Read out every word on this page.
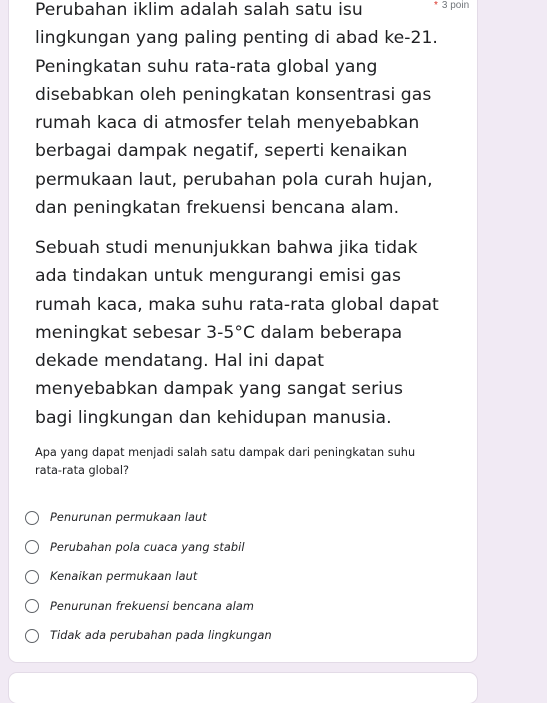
* 3 poin

Perubahan iklim adalah salah satu isu lingkungan yang paling penting di abad ke-21. Peningkatan suhu rata-rata global yang disebabkan oleh peningkatan konsentrasi gas rumah kaca di atmosfer telah menyebabkan berbagai dampak negatif, seperti kenaikan permukaan laut, perubahan pola curah hujan, dan peningkatan frekuensi bencana alam.

Sebuah studi menunjukkan bahwa jika tidak ada tindakan untuk mengurangi emisi gas rumah kaca, maka suhu rata-rata global dapat meningkat sebesar 3-5°C dalam beberapa dekade mendatang. Hal ini dapat menyebabkan dampak yang sangat serius bagi lingkungan dan kehidupan manusia.

Apa yang dapat menjadi salah satu dampak dari peningkatan suhu rata-rata global?
Penurunan permukaan laut
Perubahan pola cuaca yang stabil
Kenaikan permukaan laut
Penurunan frekuensi bencana alam
Tidak ada perubahan pada lingkungan
